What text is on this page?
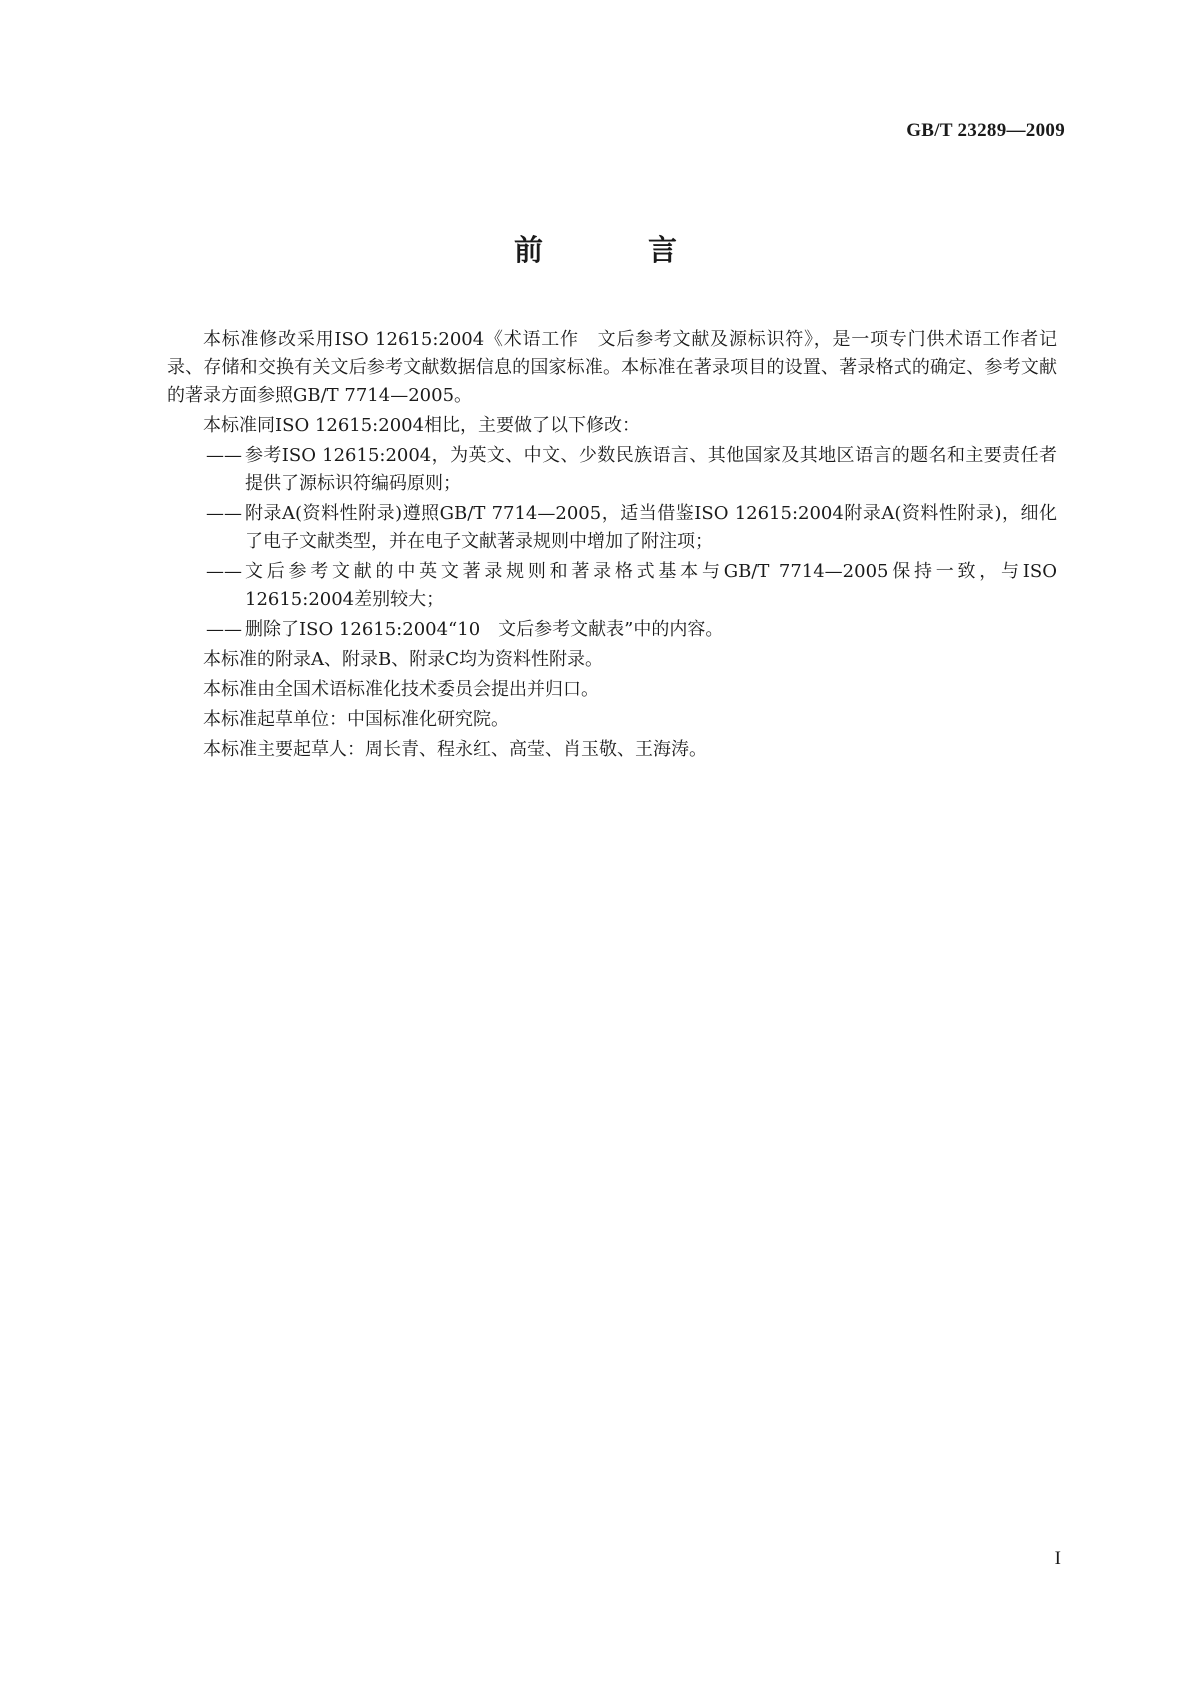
GB/T 23289—2009
前　言

本标准修改采用ISO 12615:2004《术语工作　文后参考文献及源标识符》，是一项专门供术语工作者记录、存储和交换有关文后参考文献数据信息的国家标准。本标准在著录项目的设置、著录格式的确定、参考文献的著录方面参照GB/T 7714—2005。

本标准同ISO 12615:2004相比，主要做了以下修改：

—— 参考ISO 12615:2004，为英文、中文、少数民族语言、其他国家及其地区语言的题名和主要责任者提供了源标识符编码原则；
—— 附录A(资料性附录)遵照GB/T 7714—2005，适当借鉴ISO 12615:2004附录A(资料性附录)，细化了电子文献类型，并在电子文献著录规则中增加了附注项；
—— 文后参考文献的中英文著录规则和著录格式基本与GB/T 7714—2005保持一致，与ISO 12615:2004差别较大；
—— 删除了ISO 12615:2004“10　文后参考文献表”中的内容。

本标准的附录A、附录B、附录C均为资料性附录。

本标准由全国术语标准化技术委员会提出并归口。

本标准起草单位：中国标准化研究院。

本标准主要起草人：周长青、程永红、高莹、肖玉敬、王海涛。

I
